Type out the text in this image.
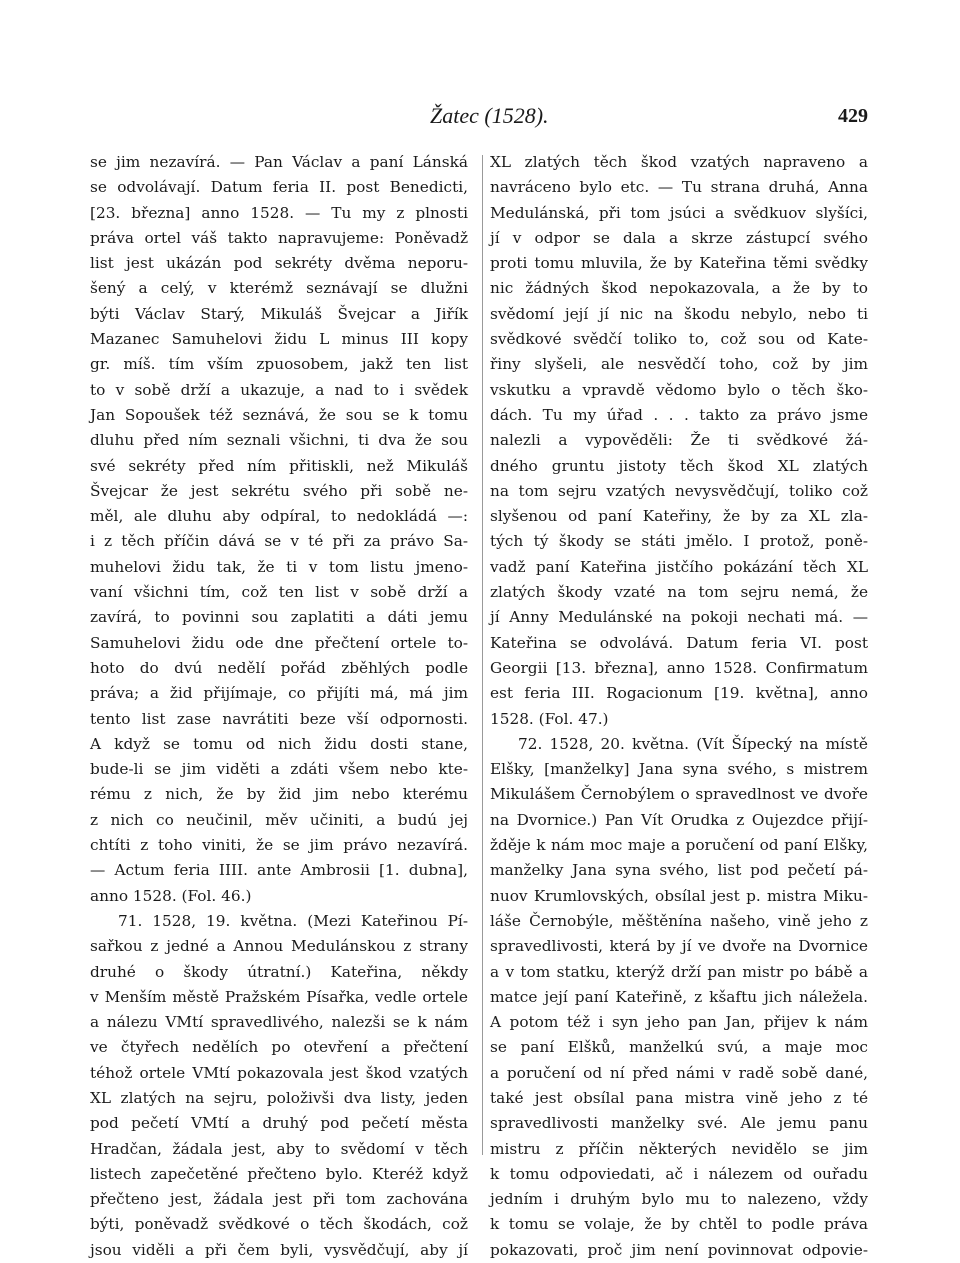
Žatec (1528).	429
se jim nezavírá. — Pan Václav a paní Lánská
se odvolávají. Datum feria II. post Benedicti,
[23. března] anno 1528. — Tu my z plnosti
práva ortel váš takto napravujeme: Poněvadž
list jest ukázán pod sekréty dvěma neporu-
šený a celý, v kterémž seznávají se dlužni
býti Václav Starý, Mikuláš Švejcar a Jiřík
Mazanec Samuhelovi židu L minus III kopy
gr. míš. tím vším zpuosobem, jakž ten list
to v sobě drží a ukazuje, a nad to i svědek
Jan Sopoušek též seznává, že sou se k tomu
dluhu před ním seznali všichni, ti dva že sou
své sekréty před ním přitiskli, než Mikuláš
Švejcar že jest sekrétu svého při sobě ne-
měl, ale dluhu aby odpíral, to nedokládá —:
i z těch příčin dává se v té při za právo Sa-
muhelovi židu tak, že ti v tom listu jmeno-
vaní všichni tím, což ten list v sobě drží a
zavírá, to povinni sou zaplatiti a dáti jemu
Samuhelovi židu ode dne přečtení ortele to-
hoto do dvú nedělí pořád zběhlých podle
práva; a žid přijímaje, co přijíti má, má jim
tento list zase navrátiti beze vší odpornosti.
A když se tomu od nich židu dosti stane,
bude-li se jim viděti a zdáti všem nebo kte-
rému z nich, že by žid jim nebo kterému
z nich co neučinil, měv učiniti, a budú jej
chtíti z toho viniti, že se jim právo nezavírá.
— Actum feria IIII. ante Ambrosii [1. dubna],
anno 1528. (Fol. 46.)
71. 1528, 19. května. (Mezi Kateřinou Pí-
sařkou z jedné a Annou Medulánskou z strany
druhé o škody útratní.) Kateřina, někdy
v Menším městě Pražském Písařka, vedle ortele
a nálezu VMtí spravedlivého, nalezši se k nám
ve čtyřech nedělích po otevření a přečtení
téhož ortele VMtí pokazovala jest škod vzatých
XL zlatých na sejru, položivši dva listy, jeden
pod pečetí VMtí a druhý pod pečetí města
Hradčan, žádala jest, aby to svědomí v těch
listech zapečetěné přečteno bylo. Kteréž když
přečteno jest, žádala jest při tom zachována
býti, poněvadž svědkové o těch škodách, což
jsou viděli a při čem byli, vysvědčují, aby jí
XL zlatých těch škod vzatých napraveno a
navráceno bylo etc. — Tu strana druhá, Anna
Medulánská, při tom jsúci a svědkuov slyšíci,
jí v odpor se dala a skrze zástupcí svého
proti tomu mluvila, že by Kateřina těmi svědky
nic žádných škod nepokazovala, a že by to
svědomí její jí nic na škodu nebylo, nebo ti
svědkové svědčí toliko to, což sou od Kate-
řiny slyšeli, ale nesvědčí toho, což by jim
vskutku a vpravdě vědomo bylo o těch ško-
dách. Tu my úřad . . . takto za právo jsme
nalezli a vypověděli: Že ti svědkové žá-
dného gruntu jistoty těch škod XL zlatých
na tom sejru vzatých nevysvědčují, toliko což
slyšenou od paní Kateřiny, že by za XL zla-
tých tý škody se státi jmělo. I protož, poně-
vadž paní Kateřina jistčího pokázání těch XL
zlatých škody vzaté na tom sejru nemá, že
jí Anny Medulánské na pokoji nechati má. —
Kateřina se odvolává. Datum feria VI. post
Georgii [13. března], anno 1528. Confirmatum
est feria III. Rogacionum [19. května], anno
1528. (Fol. 47.)
72. 1528, 20. května. (Vít Šípecký na místě
Elšky, [manželky] Jana syna svého, s mistrem
Mikulášem Černobýlem o spravedlnost ve dvoře
na Dvornice.) Pan Vít Orudka z Oujezdce přijí-
žděje k nám moc maje a poručení od paní Elšky,
manželky Jana syna svého, list pod pečetí pá-
nuov Krumlovských, obsílal jest p. mistra Miku-
láše Černobýle, měštěnína našeho, vině jeho z
spravedlivosti, která by jí ve dvoře na Dvornice
a v tom statku, kterýž drží pan mistr po bábě a
matce její paní Kateřině, z kšaftu jich náležela.
A potom též i syn jeho pan Jan, přijev k nám
se paní Elšků, manželkú svú, a maje moc
a poručení od ní před námi v radě sobě dané,
také jest obsílal pana mistra vině jeho z té
spravedlivosti manželky své. Ale jemu panu
mistru z příčin některých nevidělo se jim
k tomu odpoviedati, ač i nálezem od ouřadu
jedním i druhým bylo mu to nalezeno, vždy
k tomu se volaje, že by chtěl to podle práva
pokazovati, proč jim není povinnovat odpovie-
